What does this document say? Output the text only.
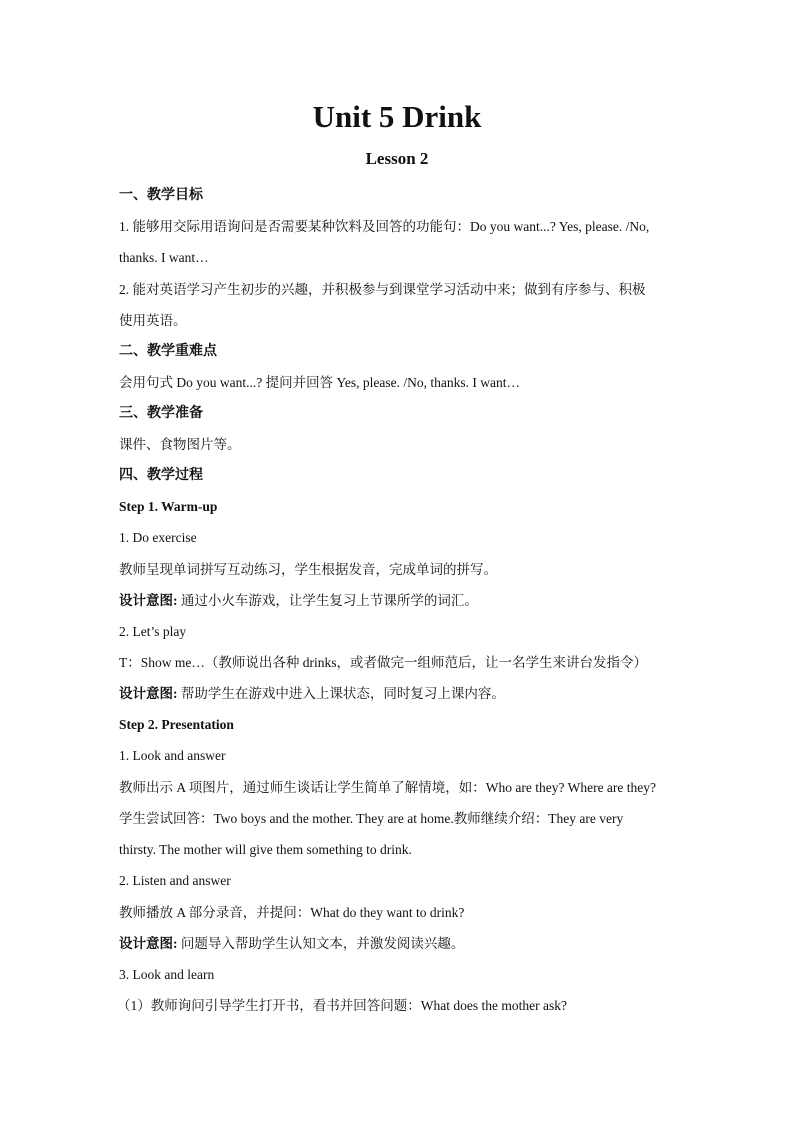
Unit 5 Drink
Lesson 2

一、教学目标

1. 能够用交际用语询问是否需要某种饮料及回答的功能句：Do you want...? Yes, please. /No,

thanks. I want…

2. 能对英语学习产生初步的兴趣，并积极参与到课堂学习活动中来；做到有序参与、积极

使用英语。

二、教学重难点

会用句式 Do you want...? 提问并回答 Yes, please. /No, thanks. I want…

三、教学准备

课件、食物图片等。

四、教学过程

Step 1. Warm-up

1. Do exercise

教师呈现单词拼写互动练习，学生根据发音，完成单词的拼写。

设计意图: 通过小火车游戏，让学生复习上节课所学的词汇。

2. Let’s play

T：Show me…（教师说出各种 drinks，或者做完一组师范后，让一名学生来讲台发指令）

设计意图: 帮助学生在游戏中进入上课状态，同时复习上课内容。

Step 2. Presentation

1. Look and answer

教师出示 A 项图片，通过师生谈话让学生简单了解情境，如：Who are they? Where are they?

学生尝试回答：Two boys and the mother. They are at home.教师继续介绍：They are very

thirsty. The mother will give them something to drink.

2. Listen and answer

教师播放 A 部分录音，并提问：What do they want to drink?

设计意图: 问题导入帮助学生认知文本，并激发阅读兴趣。

3. Look and learn

（1）教师询问引导学生打开书，看书并回答问题：What does the mother ask?
